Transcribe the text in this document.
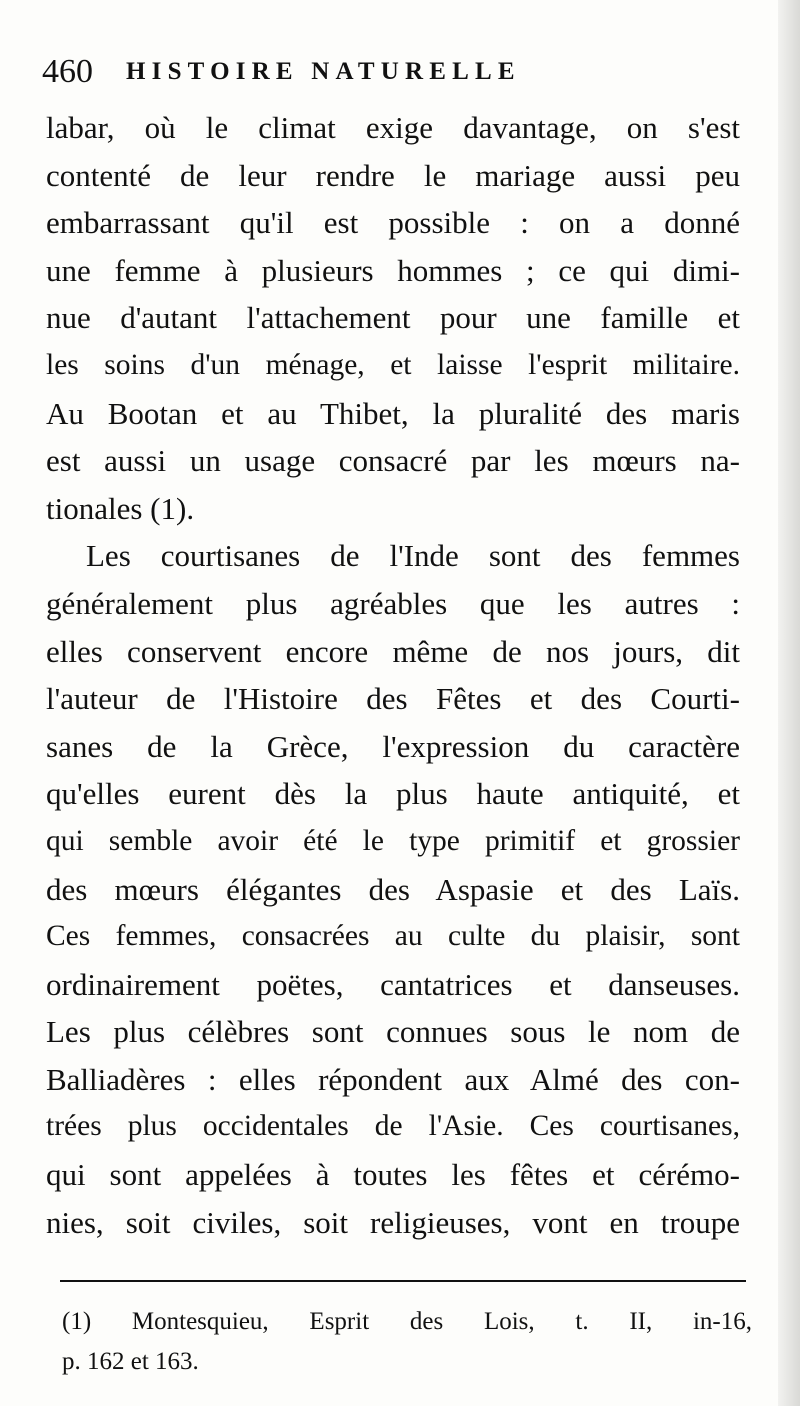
460 HISTOIRE NATURELLE
labar, où le climat exige davantage, on s'est
contenté de leur rendre le mariage aussi peu
embarrassant qu'il est possible : on a donné
une femme à plusieurs hommes ; ce qui dimi-
nue d'autant l'attachement pour une famille et
les soins d'un ménage, et laisse l'esprit militaire.
Au Bootan et au Thibet, la pluralité des maris
est aussi un usage consacré par les mœurs na-
tionales (1).
Les courtisanes de l'Inde sont des femmes
généralement plus agréables que les autres :
elles conservent encore même de nos jours, dit
l'auteur de l'Histoire des Fêtes et des Courti-
sanes de la Grèce, l'expression du caractère
qu'elles eurent dès la plus haute antiquité, et
qui semble avoir été le type primitif et grossier
des mœurs élégantes des Aspasie et des Laïs.
Ces femmes, consacrées au culte du plaisir, sont
ordinairement poëtes, cantatrices et danseuses.
Les plus célèbres sont connues sous le nom de
Balliadères : elles répondent aux Almé des con-
trées plus occidentales de l'Asie. Ces courtisanes,
qui sont appelées à toutes les fêtes et cérémo-
nies, soit civiles, soit religieuses, vont en troupe
(1) Montesquieu, Esprit des Lois, t. II, in-16,
p. 162 et 163.
